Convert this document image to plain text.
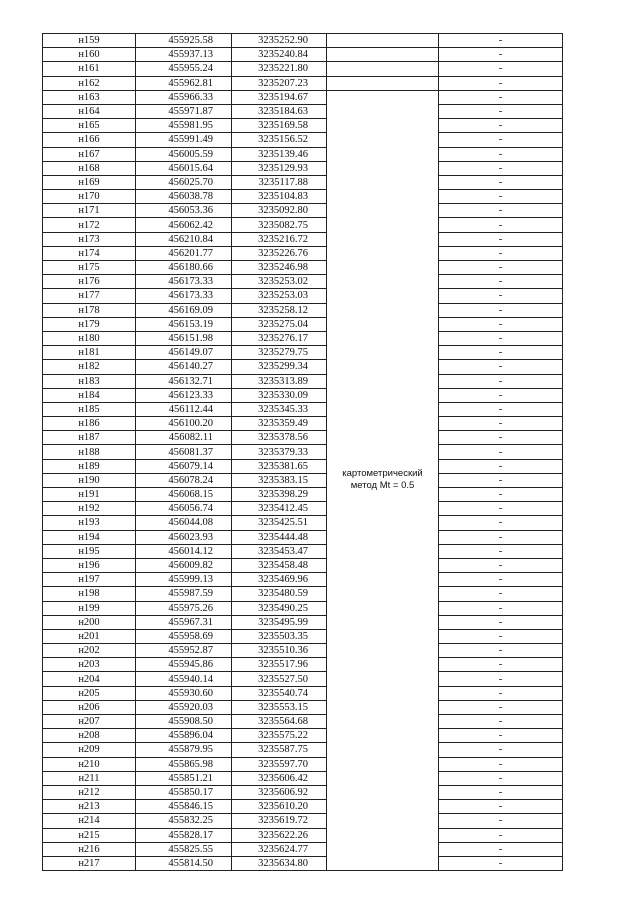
н159	455925.58	3235252.90		-
н160	455937.13	3235240.84		-
н161	455955.24	3235221.80		-
н162	455962.81	3235207.23		-
н163	455966.33	3235194.67	картометрический метод Mt = 0.5	-
н164	455971.87	3235184.63		-
н165	455981.95	3235169.58		-
н166	455991.49	3235156.52		-
н167	456005.59	3235139.46		-
н168	456015.64	3235129.93		-
н169	456025.70	3235117.88		-
н170	456038.78	3235104.83		-
н171	456053.36	3235092.80		-
н172	456062.42	3235082.75		-
н173	456210.84	3235216.72		-
н174	456201.77	3235226.76		-
н175	456180.66	3235246.98		-
н176	456173.33	3235253.02		-
н177	456173.33	3235253.03		-
н178	456169.09	3235258.12		-
н179	456153.19	3235275.04		-
н180	456151.98	3235276.17		-
н181	456149.07	3235279.75		-
н182	456140.27	3235299.34		-
н183	456132.71	3235313.89		-
н184	456123.33	3235330.09		-
н185	456112.44	3235345.33		-
н186	456100.20	3235359.49		-
н187	456082.11	3235378.56		-
н188	456081.37	3235379.33		-
н189	456079.14	3235381.65		-
н190	456078.24	3235383.15		-
н191	456068.15	3235398.29		-
н192	456056.74	3235412.45		-
н193	456044.08	3235425.51		-
н194	456023.93	3235444.48		-
н195	456014.12	3235453.47		-
н196	456009.82	3235458.48		-
н197	455999.13	3235469.96		-
н198	455987.59	3235480.59		-
н199	455975.26	3235490.25		-
н200	455967.31	3235495.99		-
н201	455958.69	3235503.35		-
н202	455952.87	3235510.36		-
н203	455945.86	3235517.96		-
н204	455940.14	3235527.50		-
н205	455930.60	3235540.74		-
н206	455920.03	3235553.15		-
н207	455908.50	3235564.68		-
н208	455896.04	3235575.22		-
н209	455879.95	3235587.75		-
н210	455865.98	3235597.70		-
н211	455851.21	3235606.42		-
н212	455850.17	3235606.92		-
н213	455846.15	3235610.20		-
н214	455832.25	3235619.72		-
н215	455828.17	3235622.26		-
н216	455825.55	3235624.77		-
н217	455814.50	3235634.80		-
